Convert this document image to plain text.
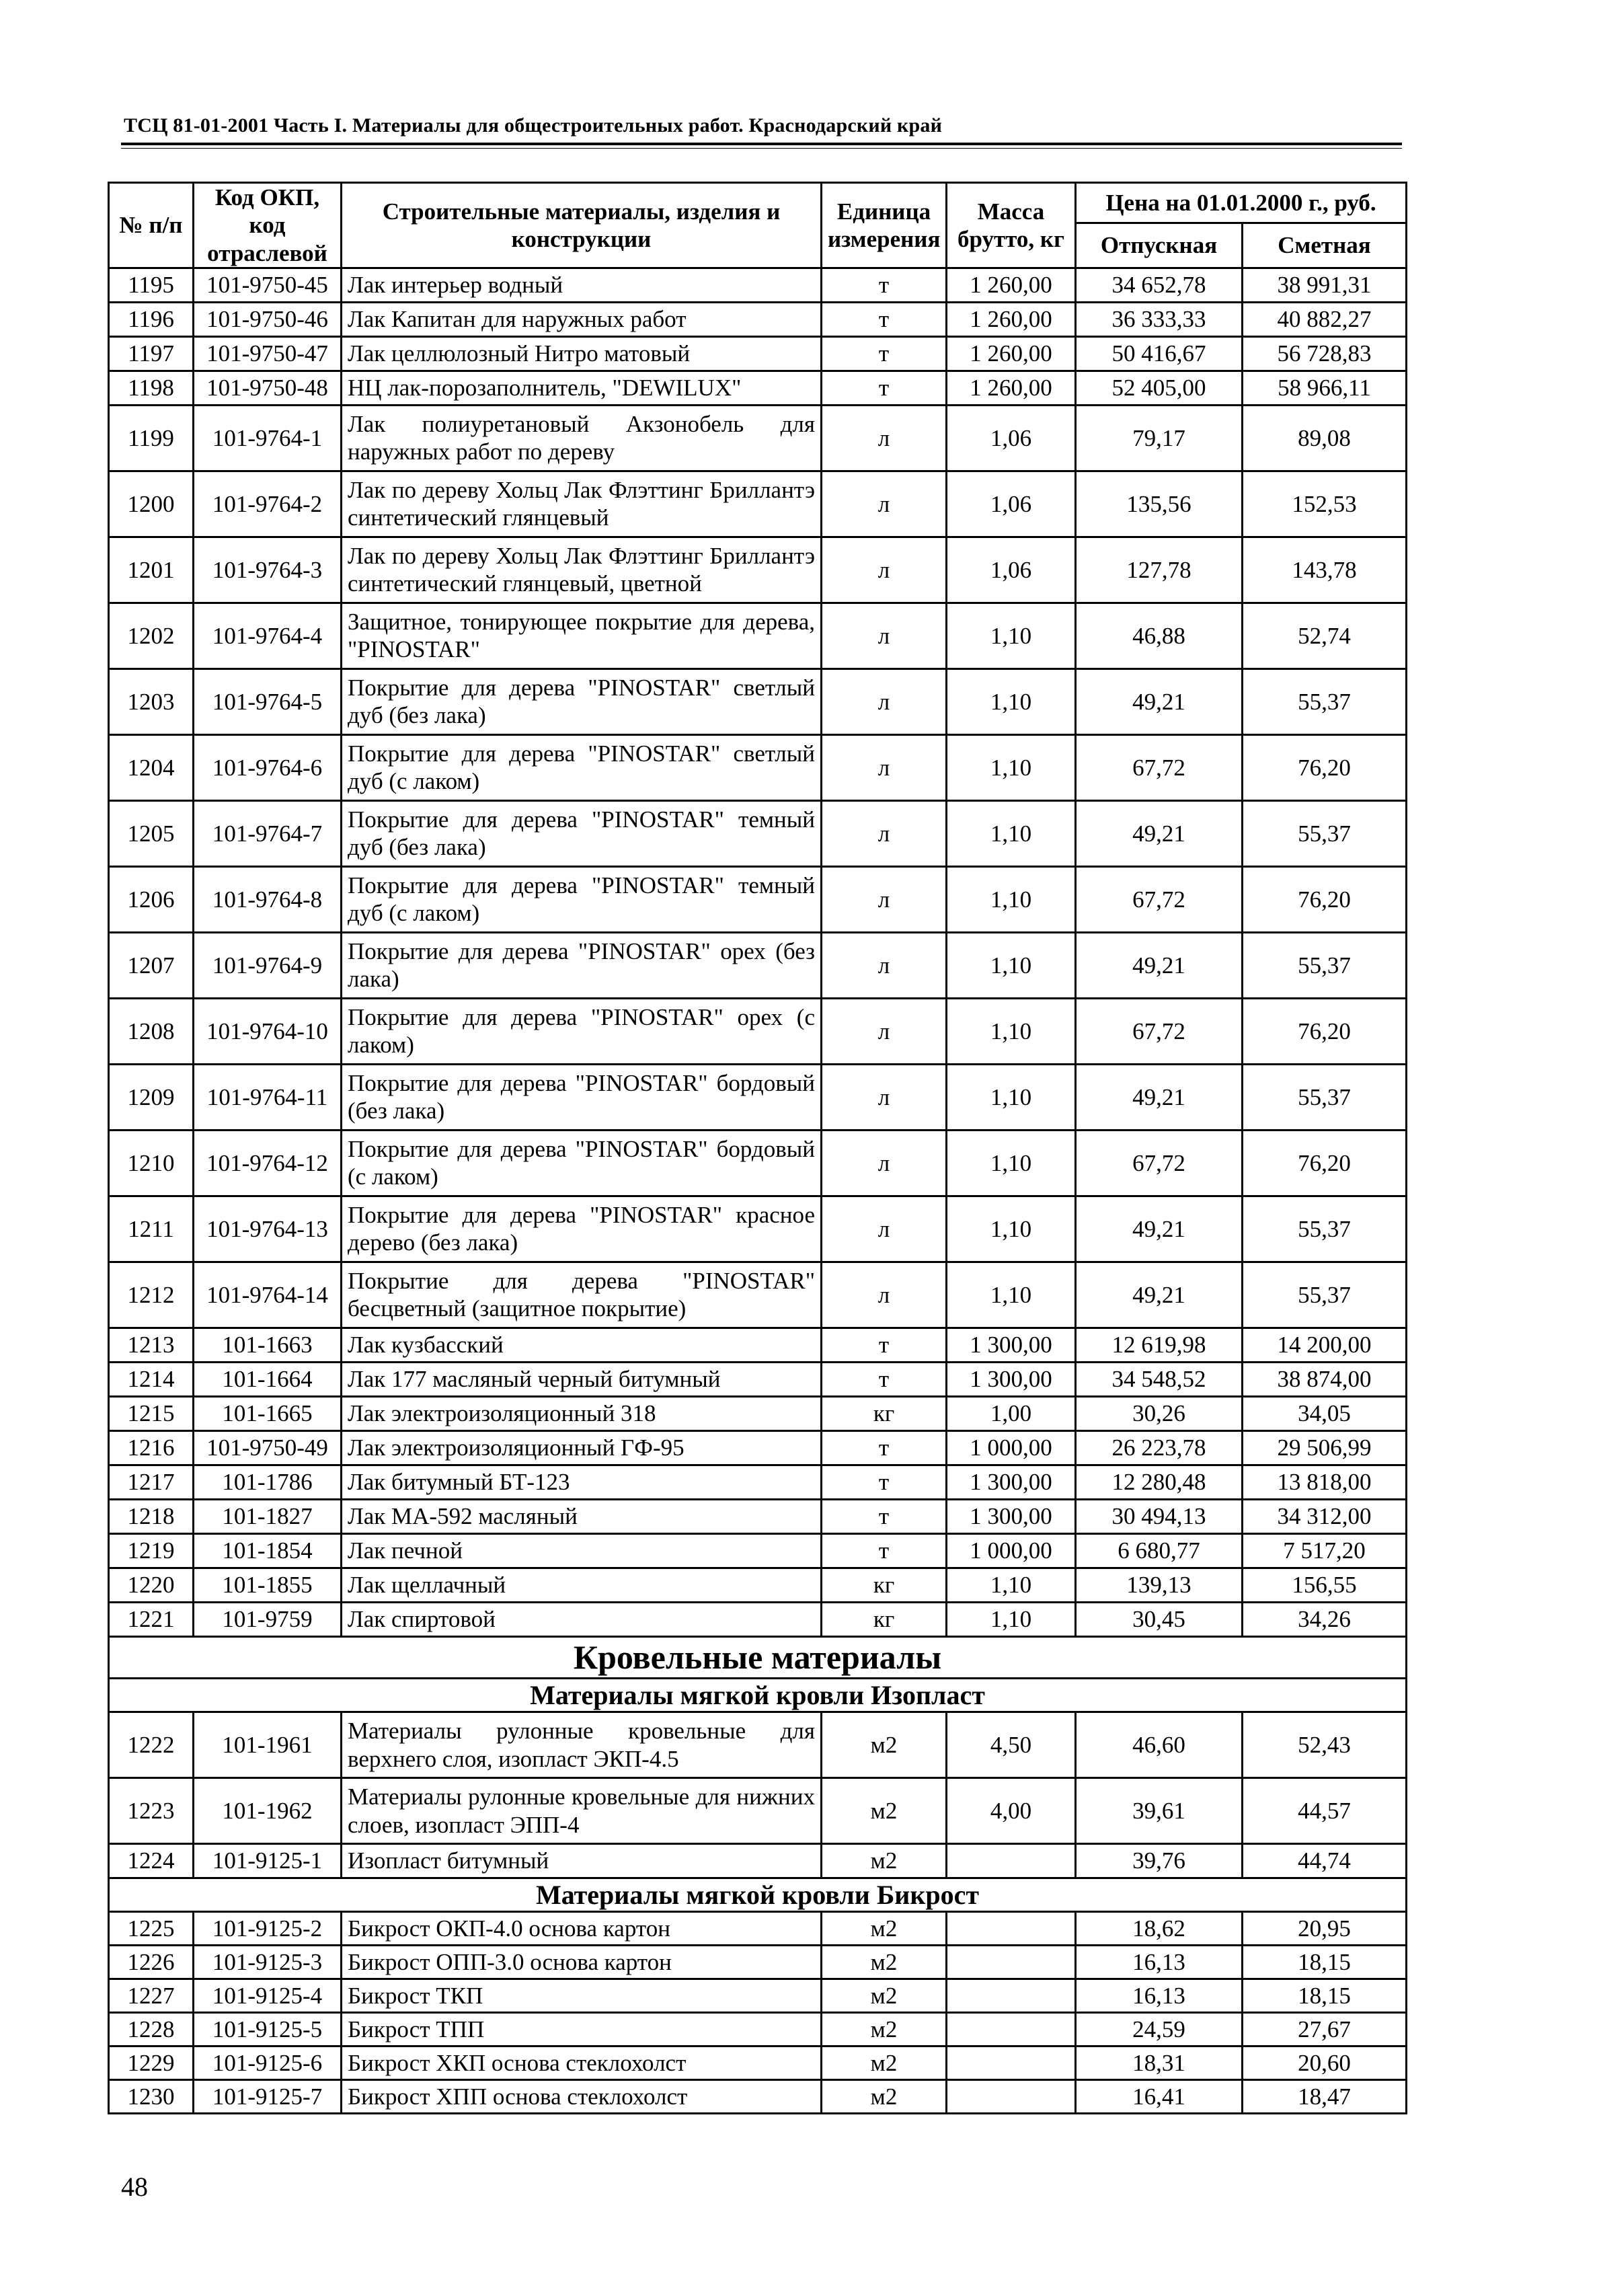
ТСЦ 81-01-2001 Часть I. Материалы для общестроительных работ. Краснодарский край
№ п/п	Код ОКП, код отраслевой	Строительные материалы, изделия и конструкции	Единица измерения	Масса брутто, кг	Цена на 01.01.2000 г., руб.	
					Отпускная	Сметная
1195	101-9750-45	Лак интерьер водный	т	1 260,00	34 652,78	38 991,31
1196	101-9750-46	Лак Капитан для наружных работ	т	1 260,00	36 333,33	40 882,27
1197	101-9750-47	Лак целлюлозный Нитро матовый	т	1 260,00	50 416,67	56 728,83
1198	101-9750-48	НЦ лак-порозаполнитель, "DEWILUX"	т	1 260,00	52 405,00	58 966,11
1199	101-9764-1	Лак полиуретановый Акзонобель для наружных работ по дереву	л	1,06	79,17	89,08
1200	101-9764-2	Лак по дереву Хольц Лак Флэттинг Бриллантэ синтетический глянцевый	л	1,06	135,56	152,53
1201	101-9764-3	Лак по дереву Хольц Лак Флэттинг Бриллантэ синтетический глянцевый, цветной	л	1,06	127,78	143,78
1202	101-9764-4	Защитное, тонирующее покрытие для дерева, "PINOSTAR"	л	1,10	46,88	52,74
1203	101-9764-5	Покрытие для дерева "PINOSTAR" светлый дуб (без лака)	л	1,10	49,21	55,37
1204	101-9764-6	Покрытие для дерева "PINOSTAR" светлый дуб (с лаком)	л	1,10	67,72	76,20
1205	101-9764-7	Покрытие для дерева "PINOSTAR" темный дуб (без лака)	л	1,10	49,21	55,37
1206	101-9764-8	Покрытие для дерева "PINOSTAR" темный дуб (с лаком)	л	1,10	67,72	76,20
1207	101-9764-9	Покрытие для дерева "PINOSTAR" орех (без лака)	л	1,10	49,21	55,37
1208	101-9764-10	Покрытие для дерева "PINOSTAR" орех (с лаком)	л	1,10	67,72	76,20
1209	101-9764-11	Покрытие для дерева "PINOSTAR" бордовый (без лака)	л	1,10	49,21	55,37
1210	101-9764-12	Покрытие для дерева "PINOSTAR" бордовый (с лаком)	л	1,10	67,72	76,20
1211	101-9764-13	Покрытие для дерева "PINOSTAR" красное дерево (без лака)	л	1,10	49,21	55,37
1212	101-9764-14	Покрытие для дерева "PINOSTAR" бесцветный (защитное покрытие)	л	1,10	49,21	55,37
1213	101-1663	Лак кузбасский	т	1 300,00	12 619,98	14 200,00
1214	101-1664	Лак 177 масляный черный битумный	т	1 300,00	34 548,52	38 874,00
1215	101-1665	Лак электроизоляционный 318	кг	1,00	30,26	34,05
1216	101-9750-49	Лак электроизоляционный ГФ-95	т	1 000,00	26 223,78	29 506,99
1217	101-1786	Лак битумный БТ-123	т	1 300,00	12 280,48	13 818,00
1218	101-1827	Лак МА-592 масляный	т	1 300,00	30 494,13	34 312,00
1219	101-1854	Лак печной	т	1 000,00	6 680,77	7 517,20
1220	101-1855	Лак щеллачный	кг	1,10	139,13	156,55
1221	101-9759	Лак спиртовой	кг	1,10	30,45	34,26
Кровельные материалы						
Материалы мягкой кровли Изопласт						
1222	101-1961	Материалы рулонные кровельные для верхнего слоя, изопласт ЭКП-4.5	м2	4,50	46,60	52,43
1223	101-1962	Материалы рулонные кровельные для нижних слоев, изопласт ЭПП-4	м2	4,00	39,61	44,57
1224	101-9125-1	Изопласт битумный	м2		39,76	44,74
Материалы мягкой кровли Бикрост						
1225	101-9125-2	Бикрост ОКП-4.0 основа картон	м2		18,62	20,95
1226	101-9125-3	Бикрост ОПП-3.0 основа картон	м2		16,13	18,15
1227	101-9125-4	Бикрост ТКП	м2		16,13	18,15
1228	101-9125-5	Бикрост ТПП	м2		24,59	27,67
1229	101-9125-6	Бикрост ХКП основа стеклохолст	м2		18,31	20,60
1230	101-9125-7	Бикрост ХПП основа стеклохолст	м2		16,41	18,47
48
